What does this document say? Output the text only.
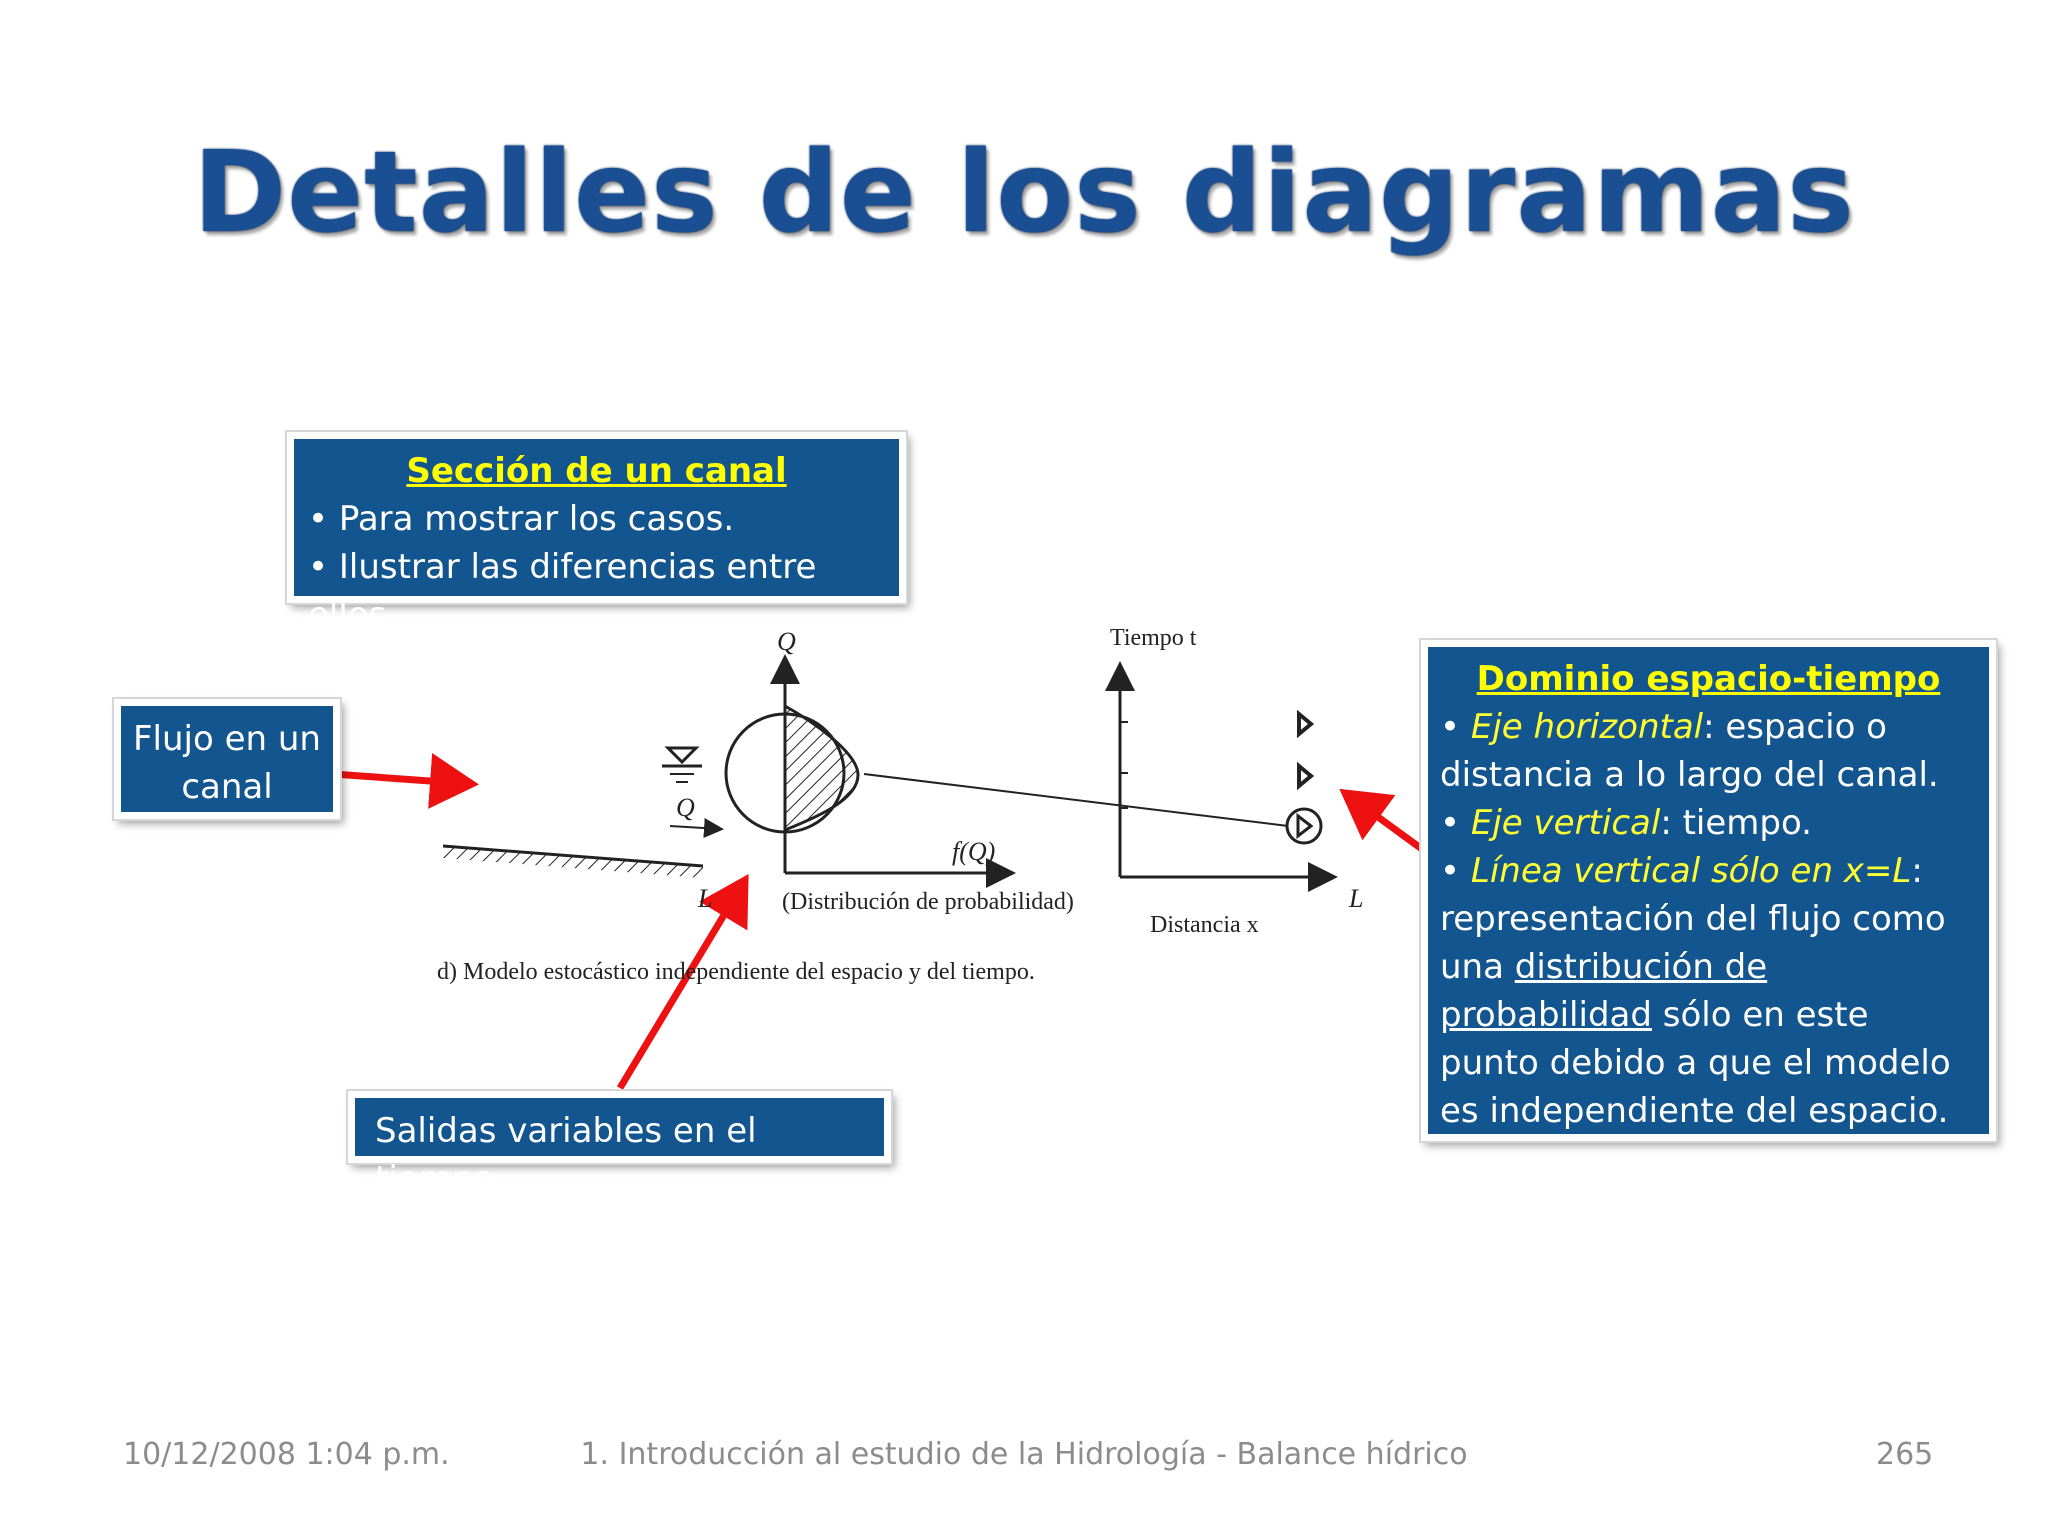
Detalles de los diagramas
Q
Q
f(Q)
(Distribución de probabilidad)
L
Tiempo t
Distancia x
L
d) Modelo estocástico independiente del espacio y del tiempo.
Sección de un canal
• Para mostrar los casos.
• Ilustrar las diferencias entre ellos.
Flujo en un
canal
Salidas variables en el tiempo.
Dominio espacio-tiempo
• Eje horizontal: espacio o distancia a lo largo del canal.
• Eje vertical: tiempo.
• Línea vertical sólo en x=L: representación del flujo como una distribución de probabilidad sólo en este punto debido a que el modelo es independiente del espacio.
10/12/2008 1:04 p.m.	1. Introducción al estudio de la Hidrología - Balance hídrico	265
